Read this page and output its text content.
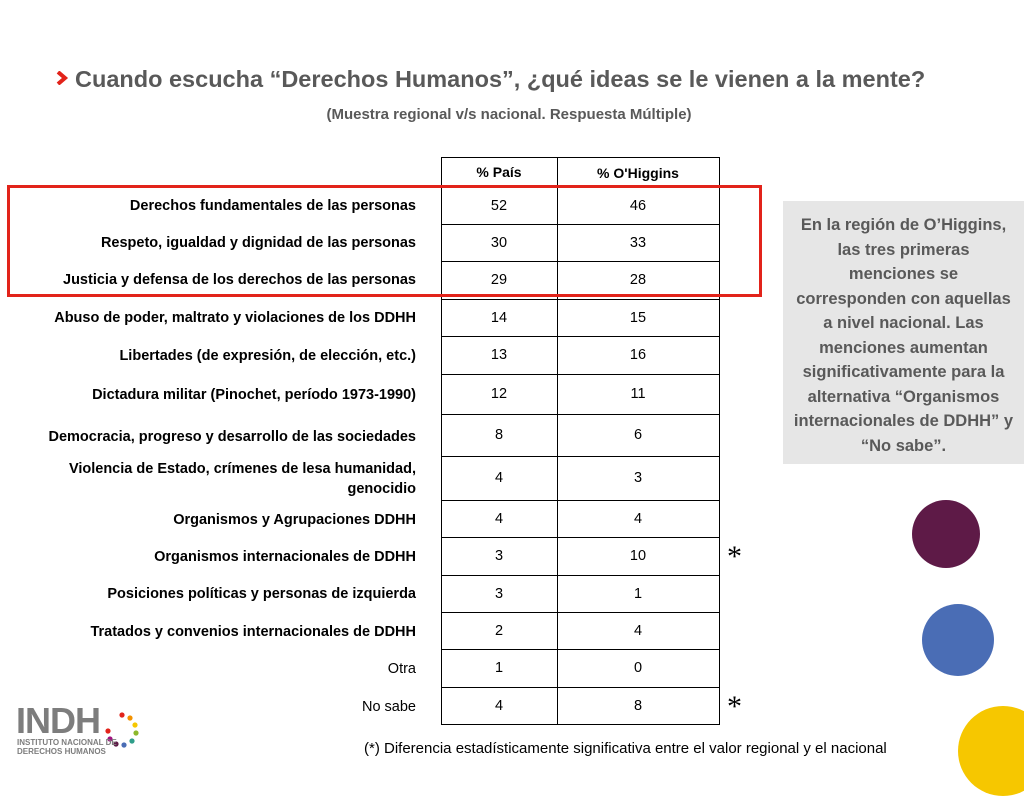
Cuando escucha “Derechos Humanos”, ¿qué ideas se le vienen a la mente?
(Muestra regional v/s nacional. Respuesta Múltiple)
% País	% O'Higgins
Derechos fundamentales de las personas
Respeto, igualdad y dignidad de las personas
Justicia y defensa de los derechos de las personas
Abuso de poder, maltrato y violaciones de los DDHH
Libertades (de expresión, de elección, etc.)
Dictadura militar (Pinochet, período 1973-1990)
Democracia, progreso y desarrollo de las sociedades
Violencia de Estado, crímenes de lesa humanidad, genocidio
Organismos y Agrupaciones DDHH
Organismos internacionales de DDHH
Posiciones políticas y personas de izquierda
Tratados y convenios internacionales de DDHH
Otra
No sabe
52
30
29
14
13
12
8
4
4
3
3
2
1
4
46
33
28
15
16
11
6
3
4
10
1
4
0
8
*
*
En la región de O’Higgins, las tres primeras menciones se corresponden con aquellas a nivel nacional. Las menciones aumentan significativamente para la alternativa “Organismos internacionales de DDHH” y “No sabe”.
(*) Diferencia estadísticamente significativa entre el valor regional y el nacional
INDH
INSTITUTO NACIONAL DE
DERECHOS HUMANOS
